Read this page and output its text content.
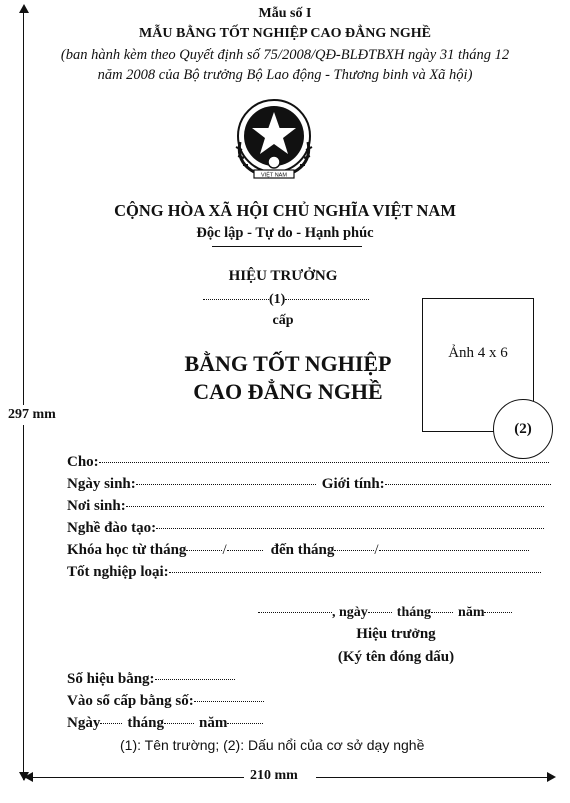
297 mm
210 mm
Mẫu số I
MẪU BẰNG TỐT NGHIỆP CAO ĐẲNG NGHỀ
(ban hành kèm theo Quyết định số 75/2008/QĐ-BLĐTBXH ngày 31 tháng 12
năm 2008 của Bộ trưởng Bộ Lao động - Thương binh và Xã hội)
VIỆT NAM
CỘNG HÒA XÃ HỘI CHỦ NGHĨA VIỆT NAM
Độc lập - Tự do - Hạnh phúc
HIỆU TRƯỞNG
(1)
cấp
Ảnh 4 x 6
(2)
BẰNG TỐT NGHIỆP
CAO ĐẲNG NGHỀ
Cho:
Ngày sinh:	Giới tính:
Nơi sinh:
Nghề đào tạo:
Khóa học từ tháng /	đến tháng	/
Tốt nghiệp loại:
, ngày tháng năm
Hiệu trưởng
(Ký tên đóng dấu)
Số hiệu bằng:
Vào sổ cấp bằng số:
Ngày tháng năm
(1): Tên trường; (2): Dấu nổi của cơ sở dạy nghề
